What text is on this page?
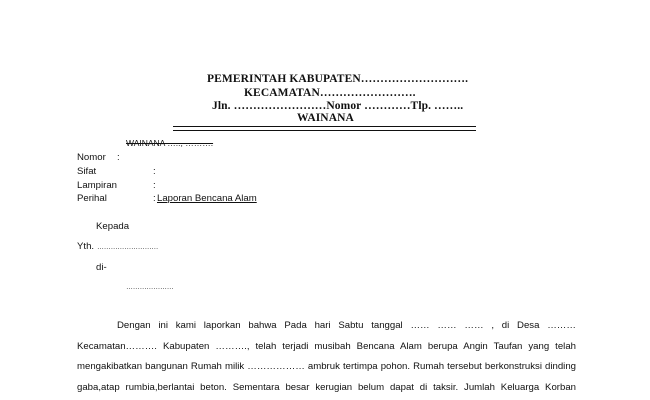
PEMERINTAH KABUPATEN……………………….
KECAMATAN…………………….
Jln. ……………………Nomor …………Tlp. ……..
WAINANA
WAINANA ….., ……….
Nomor :
Sifat	:
Lampiran	:
Perihal	: Laporan Bencana Alam
Kepada
Yth. ………………………
di-
…………………
Dengan ini kami laporkan bahwa Pada hari Sabtu tanggal …… …… …… , di Desa ………
Kecamatan………. Kabupaten ………., telah terjadi musibah Bencana Alam berupa Angin Taufan yang telah
mengakibatkan bangunan Rumah milik ……………… ambruk tertimpa pohon. Rumah tersebut berkonstruksi dinding
gaba,atap rumbia,berlantai beton. Sementara besar kerugian belum dapat di taksir. Jumlah Keluarga Korban
